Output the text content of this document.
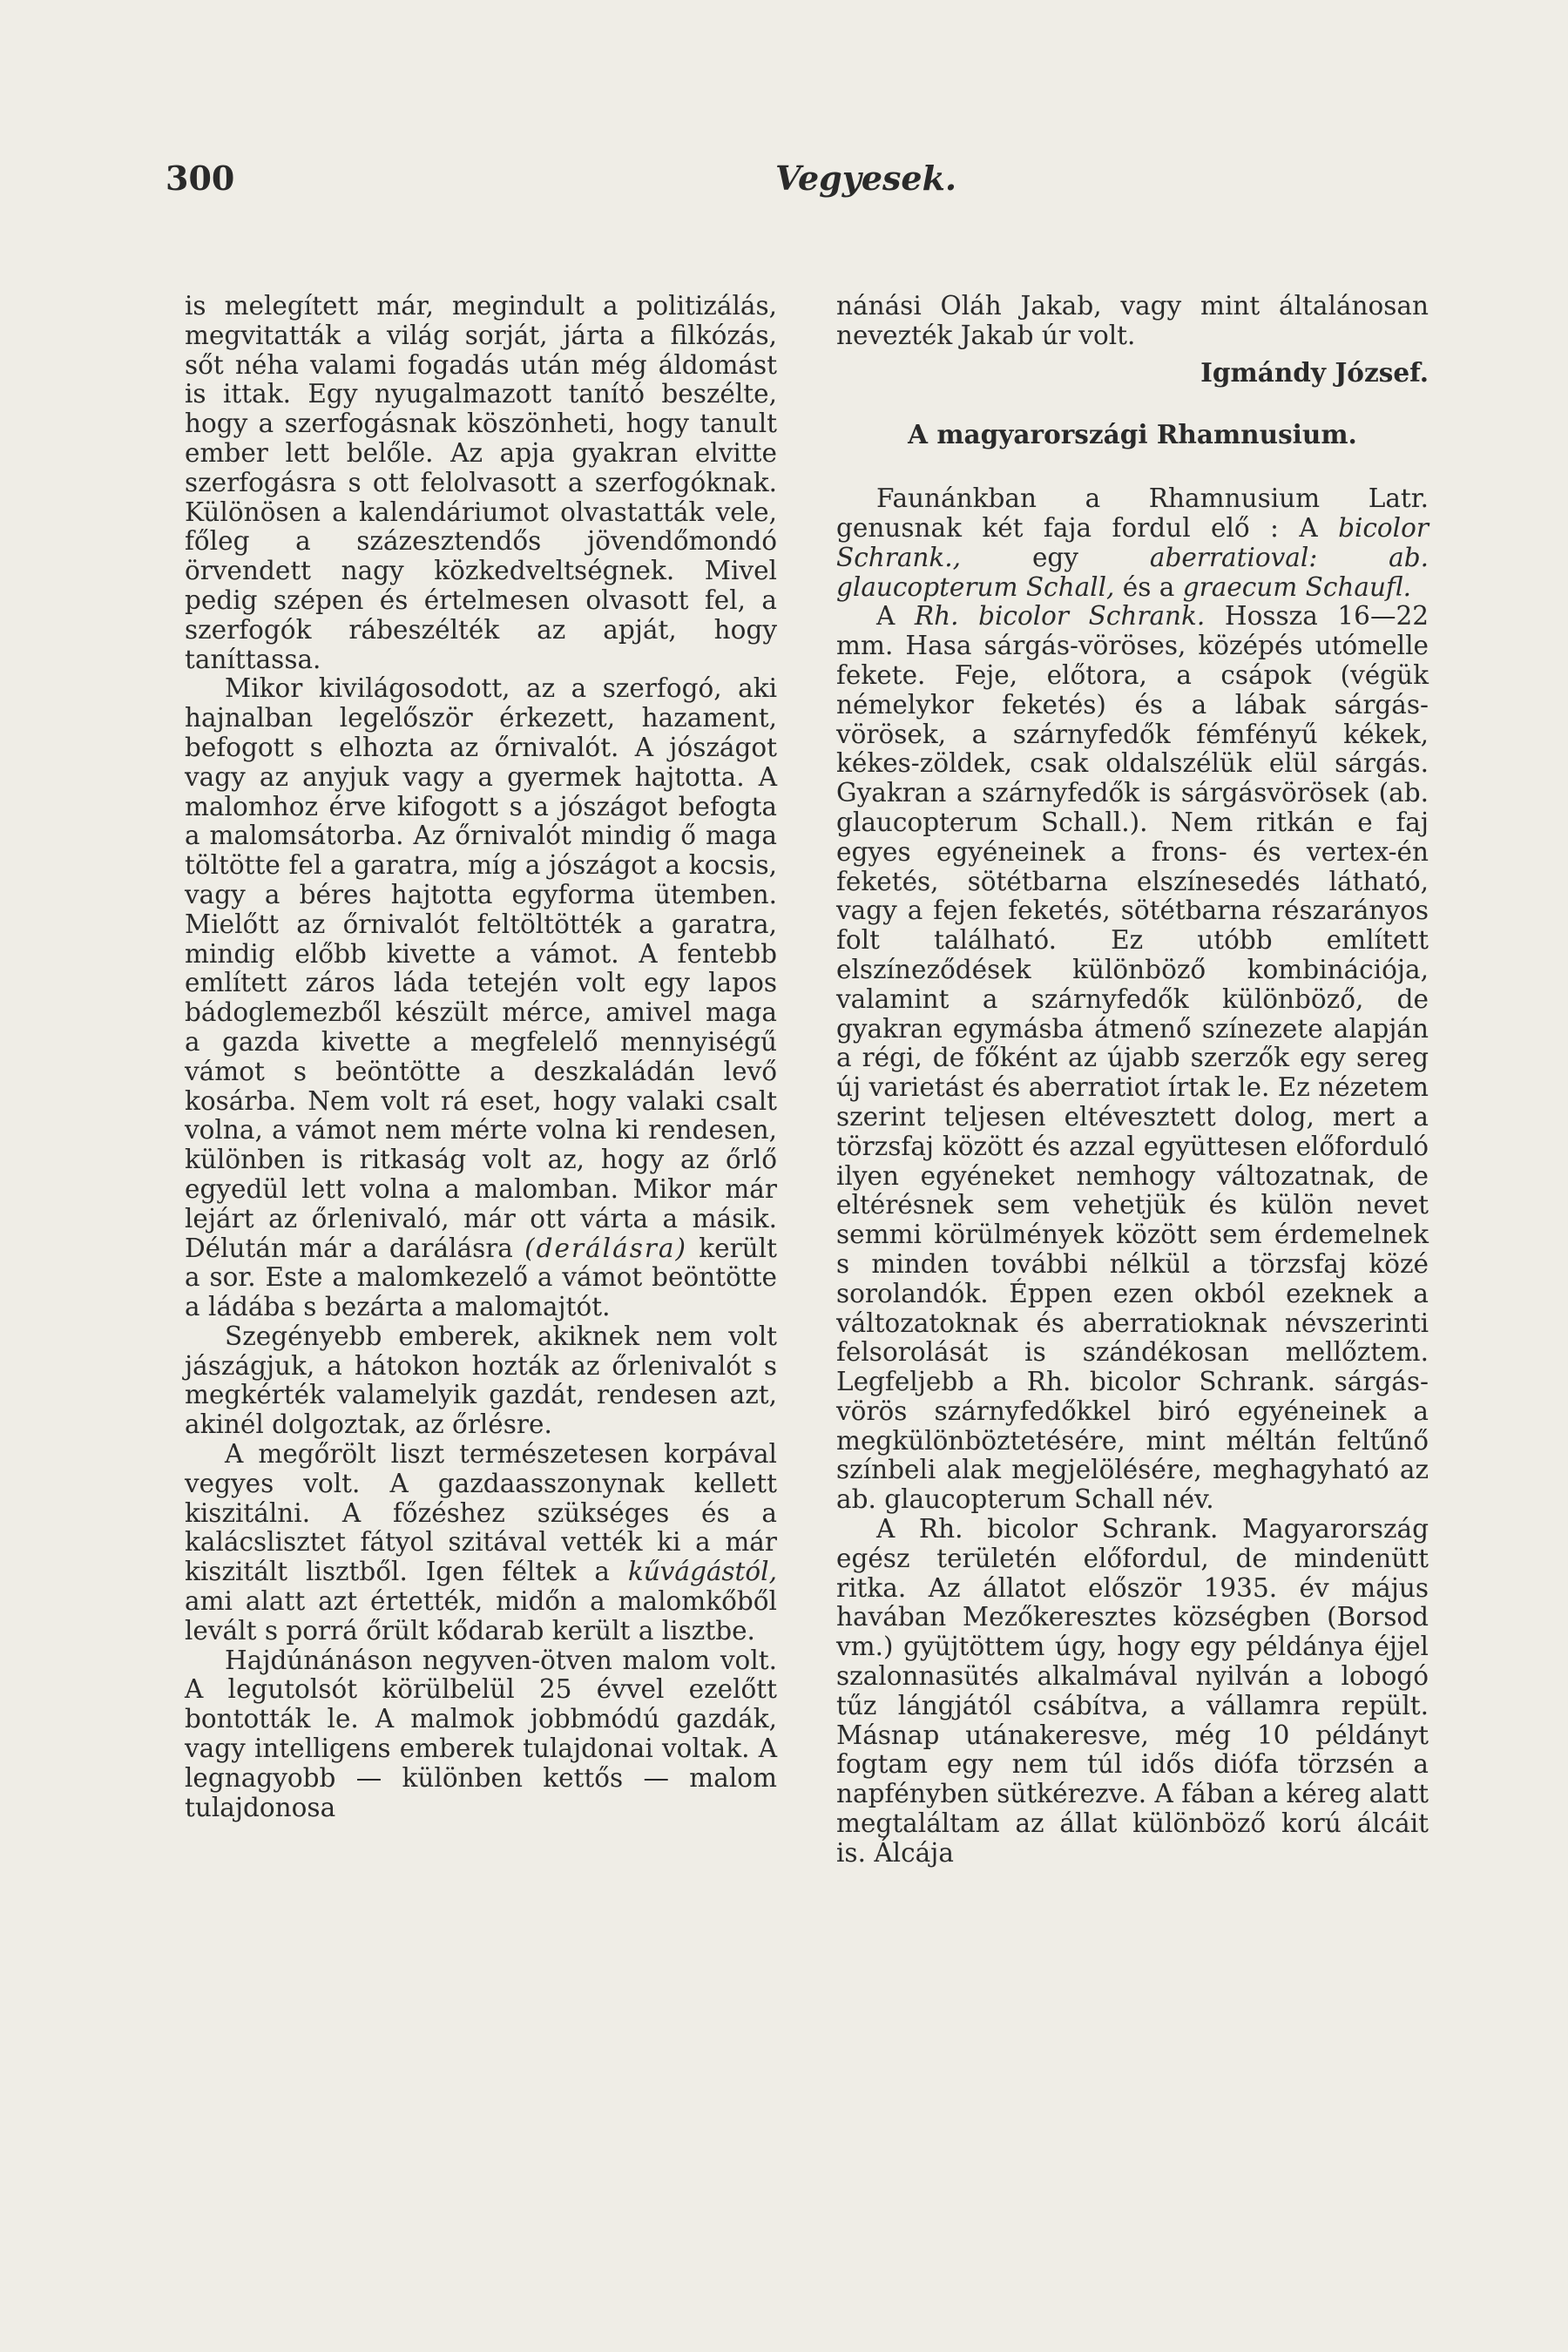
300	Vegyesek.

is melegített már, megindult a politizálás, megvitatták a világ sorját, járta a filkózás, sőt néha valami fogadás után még áldomást is ittak. Egy nyugalmazott tanító beszélte, hogy a szerfogásnak köszönheti, hogy tanult ember lett belőle. Az apja gyakran elvitte szerfogásra s ott felolvasott a szerfogóknak. Különösen a kalendáriumot olvastatták vele, főleg a százesztendős jövendőmondó örvendett nagy közkedveltségnek. Mivel pedig szépen és értelmesen olvasott fel, a szerfogók rábeszélték az apját, hogy taníttassa.

Mikor kivilágosodott, az a szerfogó, aki hajnalban legelőször érkezett, hazament, befogott s elhozta az őrnivalót. A jószágot vagy az anyjuk vagy a gyermek hajtotta. A malomhoz érve kifogott s a jószágot befogta a malomsátorba. Az őrnivalót mindig ő maga töltötte fel a garatra, míg a jószágot a kocsis, vagy a béres hajtotta egyforma ütemben. Mielőtt az őrnivalót feltöltötték a garatra, mindig előbb kivette a vámot. A fentebb említett záros láda tetején volt egy lapos bádoglemezből készült mérce, amivel maga a gazda kivette a megfelelő mennyiségű vámot s beöntötte a deszkaládán levő kosárba. Nem volt rá eset, hogy valaki csalt volna, a vámot nem mérte volna ki rendesen, különben is ritkaság volt az, hogy az őrlő egyedül lett volna a malomban. Mikor már lejárt az őrlenivaló, már ott várta a másik. Délután már a darálásra (derálásra) került a sor. Este a malomkezelő a vámot beöntötte a ládába s bezárta a malomajtót.

Szegényebb emberek, akiknek nem volt jászágjuk, a hátokon hozták az őrlenivalót s megkérték valamelyik gazdát, rendesen azt, akinél dolgoztak, az őrlésre.

A megőrölt liszt természetesen korpával vegyes volt. A gazdaasszonynak kellett kiszitálni. A főzéshez szükséges és a kalácslisztet fátyol szitával vették ki a már kiszitált lisztből. Igen féltek a kűvágástól, ami alatt azt értették, midőn a malomkőből levált s porrá őrült kődarab került a lisztbe.

Hajdúnánáson negyven-ötven malom volt. A legutolsót körülbelül 25 évvel ezelőtt bontották le. A malmok jobbmódú gazdák, vagy intelligens emberek tulajdonai voltak. A legnagyobb — különben kettős — malom tulajdonosa

nánási Oláh Jakab, vagy mint általánosan nevezték Jakab úr volt.

Igmándy József.

A magyarországi Rhamnusium.

Faunánkban a Rhamnusium Latr. genusnak két faja fordul elő : A bicolor Schrank.,	egy	aberratioval: ab. glaucopterum Schall, és a graecum Schaufl.

A Rh. bicolor Schrank. Hossza 16—22 mm. Hasa sárgás-vöröses, középés utómelle fekete. Feje, előtora, a csápok (végük némelykor feketés) és a lábak sárgás-vörösek, a szárnyfedők fémfényű kékek, kékes-zöldek, csak oldalszélük elül sárgás. Gyakran a szárnyfedők is sárgásvörösek (ab. glaucopterum Schall.). Nem ritkán e faj egyes egyéneinek a frons- és vertex-én feketés, sötétbarna elszínesedés látható, vagy a fejen feketés, sötétbarna részarányos folt található. Ez utóbb említett elszíneződések különböző kombinációja, valamint a szárnyfedők különböző, de gyakran egymásba átmenő színezete alapján a régi, de főként az újabb szerzők egy sereg új varietást és aberratiot írtak le. Ez nézetem szerint teljesen eltévesztett dolog, mert a törzsfaj között és azzal együttesen előforduló ilyen egyéneket nemhogy változatnak, de eltérésnek sem vehetjük és külön nevet semmi körülmények között sem érdemelnek s minden további nélkül a törzsfaj közé sorolandók. Éppen ezen okból ezeknek a változatoknak és aberratioknak névszerinti felsorolását is szándékosan mellőztem. Legfeljebb a Rh. bicolor Schrank. sárgás-vörös szárnyfedőkkel biró egyéneinek a megkülönböztetésére, mint méltán feltűnő színbeli alak megjelölésére, meghagyható az ab. glaucopterum Schall név.

A Rh. bicolor Schrank. Magyarország egész területén előfordul, de mindenütt ritka. Az állatot először 1935. év május havában Mezőkeresztes községben (Borsod vm.) gyüjtöttem úgy, hogy egy példánya éjjel szalonnasütés alkalmával nyilván a lobogó tűz lángjától csábítva, a vállamra repült. Másnap utánakeresve, még 10 példányt fogtam egy nem túl idős diófa törzsén a napfényben sütkérezve. A fában a kéreg alatt megtaláltam az állat különböző korú álcáit is. Álcája
